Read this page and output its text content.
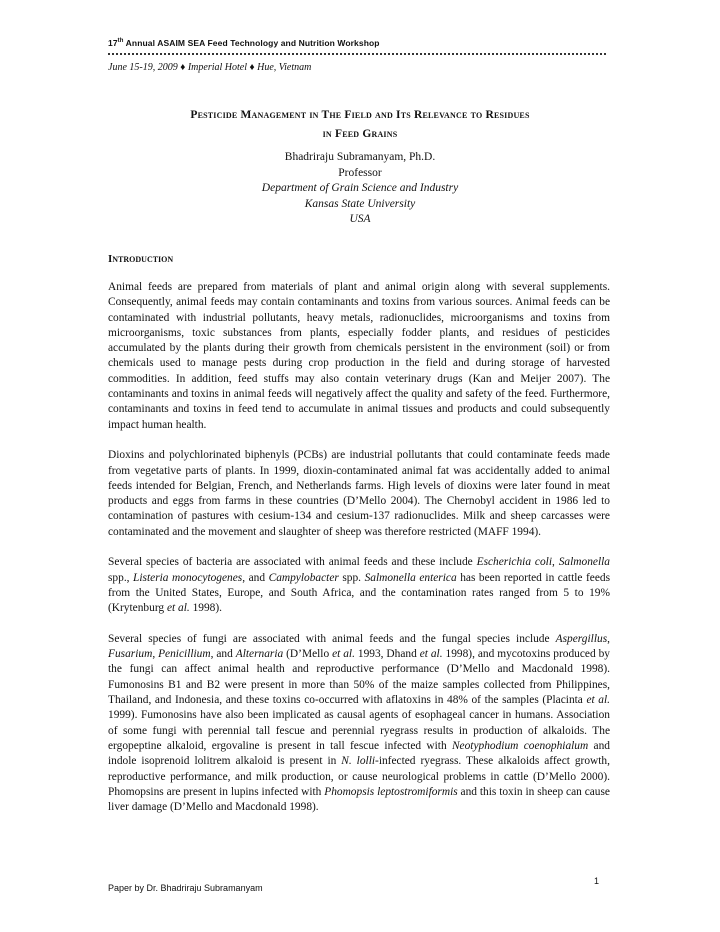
17th Annual ASAIM SEA Feed Technology and Nutrition Workshop
June 15-19, 2009 ♦ Imperial Hotel ♦ Hue, Vietnam
Pesticide Management in The Field and Its Relevance to Residues
in Feed Grains
Bhadriraju Subramanyam, Ph.D.
Professor
Department of Grain Science and Industry
Kansas State University
USA
Introduction

Animal feeds are prepared from materials of plant and animal origin along with several supplements. Consequently, animal feeds may contain contaminants and toxins from various sources. Animal feeds can be contaminated with industrial pollutants, heavy metals, radionuclides, microorganisms and toxins from microorganisms, toxic substances from plants, especially fodder plants, and residues of pesticides accumulated by the plants during their growth from chemicals persistent in the environment (soil) or from chemicals used to manage pests during crop production in the field and during storage of harvested commodities. In addition, feed stuffs may also contain veterinary drugs (Kan and Meijer 2007). The contaminants and toxins in animal feeds will negatively affect the quality and safety of the feed. Furthermore, contaminants and toxins in feed tend to accumulate in animal tissues and products and could subsequently impact human health.

Dioxins and polychlorinated biphenyls (PCBs) are industrial pollutants that could contaminate feeds made from vegetative parts of plants. In 1999, dioxin-contaminated animal fat was accidentally added to animal feeds intended for Belgian, French, and Netherlands farms. High levels of dioxins were later found in meat products and eggs from farms in these countries (D’Mello 2004). The Chernobyl accident in 1986 led to contamination of pastures with cesium-134 and cesium-137 radionuclides. Milk and sheep carcasses were contaminated and the movement and slaughter of sheep was therefore restricted (MAFF 1994).

Several species of bacteria are associated with animal feeds and these include Escherichia coli, Salmonella spp., Listeria monocytogenes, and Campylobacter spp. Salmonella enterica has been reported in cattle feeds from the United States, Europe, and South Africa, and the contamination rates ranged from 5 to 19% (Krytenburg et al. 1998).

Several species of fungi are associated with animal feeds and the fungal species include Aspergillus, Fusarium, Penicillium, and Alternaria (D’Mello et al. 1993, Dhand et al. 1998), and mycotoxins produced by the fungi can affect animal health and reproductive performance (D’Mello and Macdonald 1998). Fumonosins B1 and B2 were present in more than 50% of the maize samples collected from Philippines, Thailand, and Indonesia, and these toxins co-occurred with aflatoxins in 48% of the samples (Placinta et al. 1999). Fumonosins have also been implicated as causal agents of esophageal cancer in humans. Association of some fungi with perennial tall fescue and perennial ryegrass results in production of alkaloids. The ergopeptine alkaloid, ergovaline is present in tall fescue infected with Neotyphodium coenophialum and indole isoprenoid lolitrem alkaloid is present in N. lolli-infected ryegrass. These alkaloids affect growth, reproductive performance, and milk production, or cause neurological problems in cattle (D’Mello 2000). Phomopsins are present in lupins infected with Phomopsis leptostromiformis and this toxin in sheep can cause liver damage (D’Mello and Macdonald 1998).

Paper by Dr. Bhadriraju Subramanyam
1
